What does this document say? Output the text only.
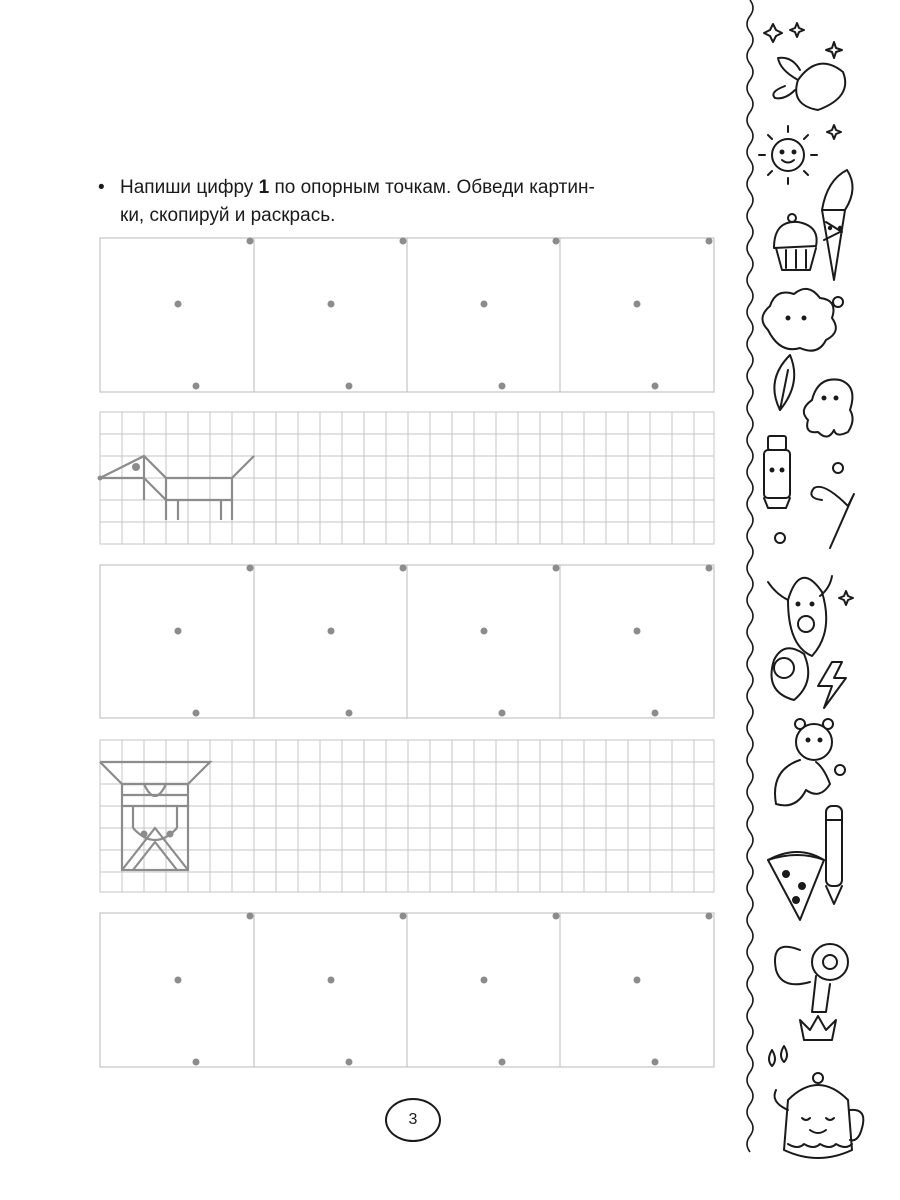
• Напиши цифру 1 по опорным точкам. Обведи картин-
ки, скопируй и раскрась.
3
